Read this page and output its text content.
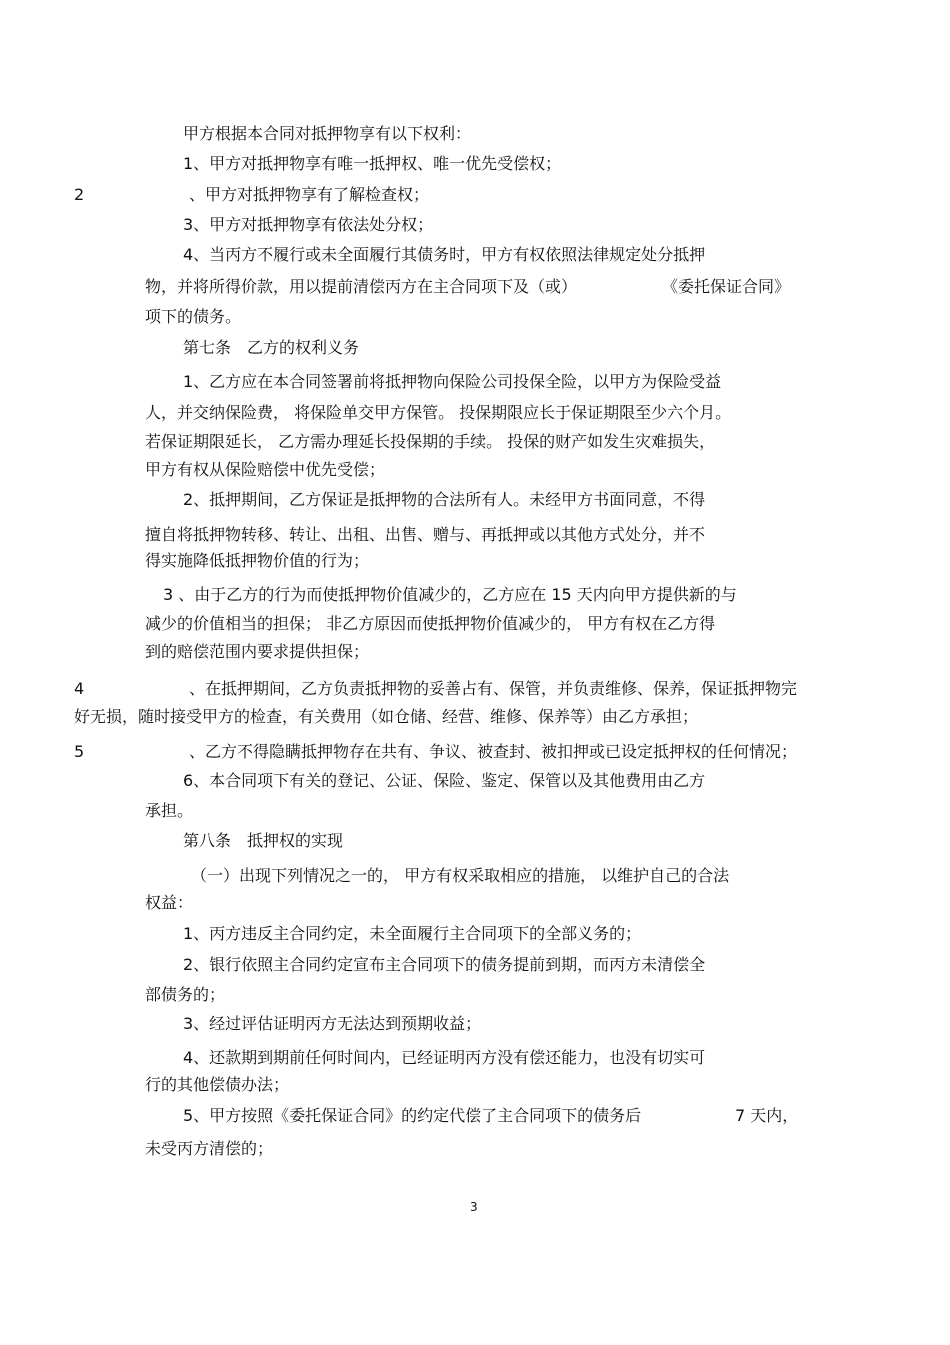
甲方根据本合同对抵押物享有以下权利：
1、甲方对抵押物享有唯一抵押权、唯一优先受偿权；
2	、甲方对抵押物享有了解检查权；
3、甲方对抵押物享有依法处分权；
4、当丙方不履行或未全面履行其债务时，甲方有权依照法律规定处分抵押
物，并将所得价款，用以提前清偿丙方在主合同项下及（或）	《委托保证合同》
项下的债务。
第七条　乙方的权利义务
1、乙方应在本合同签署前将抵押物向保险公司投保全险，以甲方为保险受益
人，并交纳保险费， 将保险单交甲方保管。 投保期限应长于保证期限至少六个月。
若保证期限延长， 乙方需办理延长投保期的手续。 投保的财产如发生灾难损失，
甲方有权从保险赔偿中优先受偿；
2、抵押期间，乙方保证是抵押物的合法所有人。未经甲方书面同意，不得
擅自将抵押物转移、转让、出租、出售、赠与、再抵押或以其他方式处分，并不
得实施降低抵押物价值的行为；
3 、由于乙方的行为而使抵押物价值减少的，乙方应在 15 天内向甲方提供新的与
减少的价值相当的担保； 非乙方原因而使抵押物价值减少的， 甲方有权在乙方得
到的赔偿范围内要求提供担保；
4	、在抵押期间，乙方负责抵押物的妥善占有、保管，并负责维修、保养，保证抵押物完
好无损，随时接受甲方的检查，有关费用（如仓储、经营、维修、保养等）由乙方承担；
5	、乙方不得隐瞒抵押物存在共有、争议、被查封、被扣押或已设定抵押权的任何情况；
6、本合同项下有关的登记、公证、保险、鉴定、保管以及其他费用由乙方
承担。
第八条　抵押权的实现
（一）出现下列情况之一的， 甲方有权采取相应的措施， 以维护自己的合法
权益：
1、丙方违反主合同约定，未全面履行主合同项下的全部义务的；
2、银行依照主合同约定宣布主合同项下的债务提前到期，而丙方未清偿全
部债务的；
3、经过评估证明丙方无法达到预期收益；
4、还款期到期前任何时间内，已经证明丙方没有偿还能力，也没有切实可
行的其他偿债办法；
5、甲方按照《委托保证合同》的约定代偿了主合同项下的债务后	7 天内，
未受丙方清偿的；
3
